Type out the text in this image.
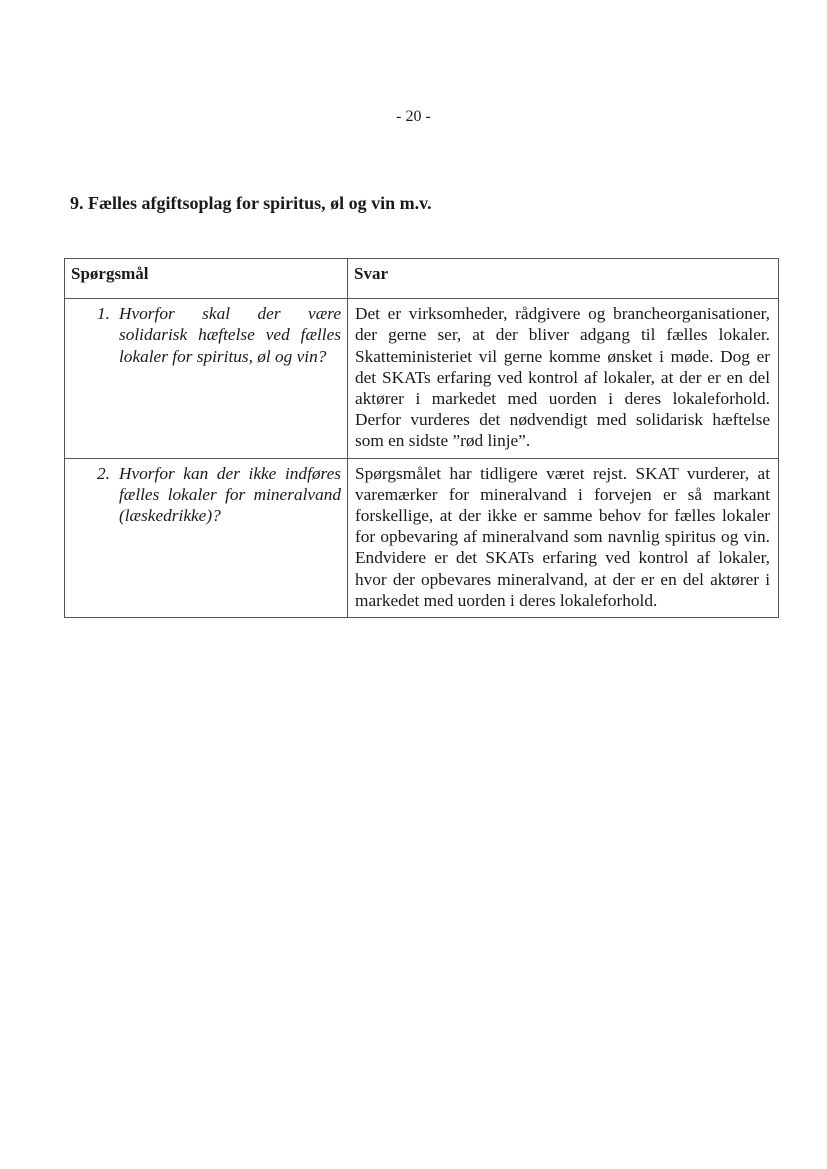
- 20 -
9. Fælles afgiftsoplag for spiritus, øl og vin m.v.
Spørgsmål	Svar

1. Hvorfor skal der være solidarisk hæftelse ved fælles lokaler for spiritus, øl og vin?	Det er virksomheder, rådgivere og brancheorganisationer, der gerne ser, at der bliver adgang til fælles lokaler. Skatteministeriet vil gerne komme ønsket i møde. Dog er det SKATs erfaring ved kontrol af lokaler, at der er en del aktører i markedet med uorden i deres lokaleforhold. Derfor vurderes det nødvendigt med solidarisk hæftelse som en sidste ”rød linje”.

2. Hvorfor kan der ikke indføres fælles lokaler for mineralvand (læskedrikke)?	Spørgsmålet har tidligere været rejst. SKAT vurderer, at varemærker for mineralvand i forvejen er så markant forskellige, at der ikke er samme behov for fælles lokaler for opbevaring af mineralvand som navnlig spiritus og vin. Endvidere er det SKATs erfaring ved kontrol af lokaler, hvor der opbevares mineralvand, at der er en del aktører i markedet med uorden i deres lokaleforhold.
